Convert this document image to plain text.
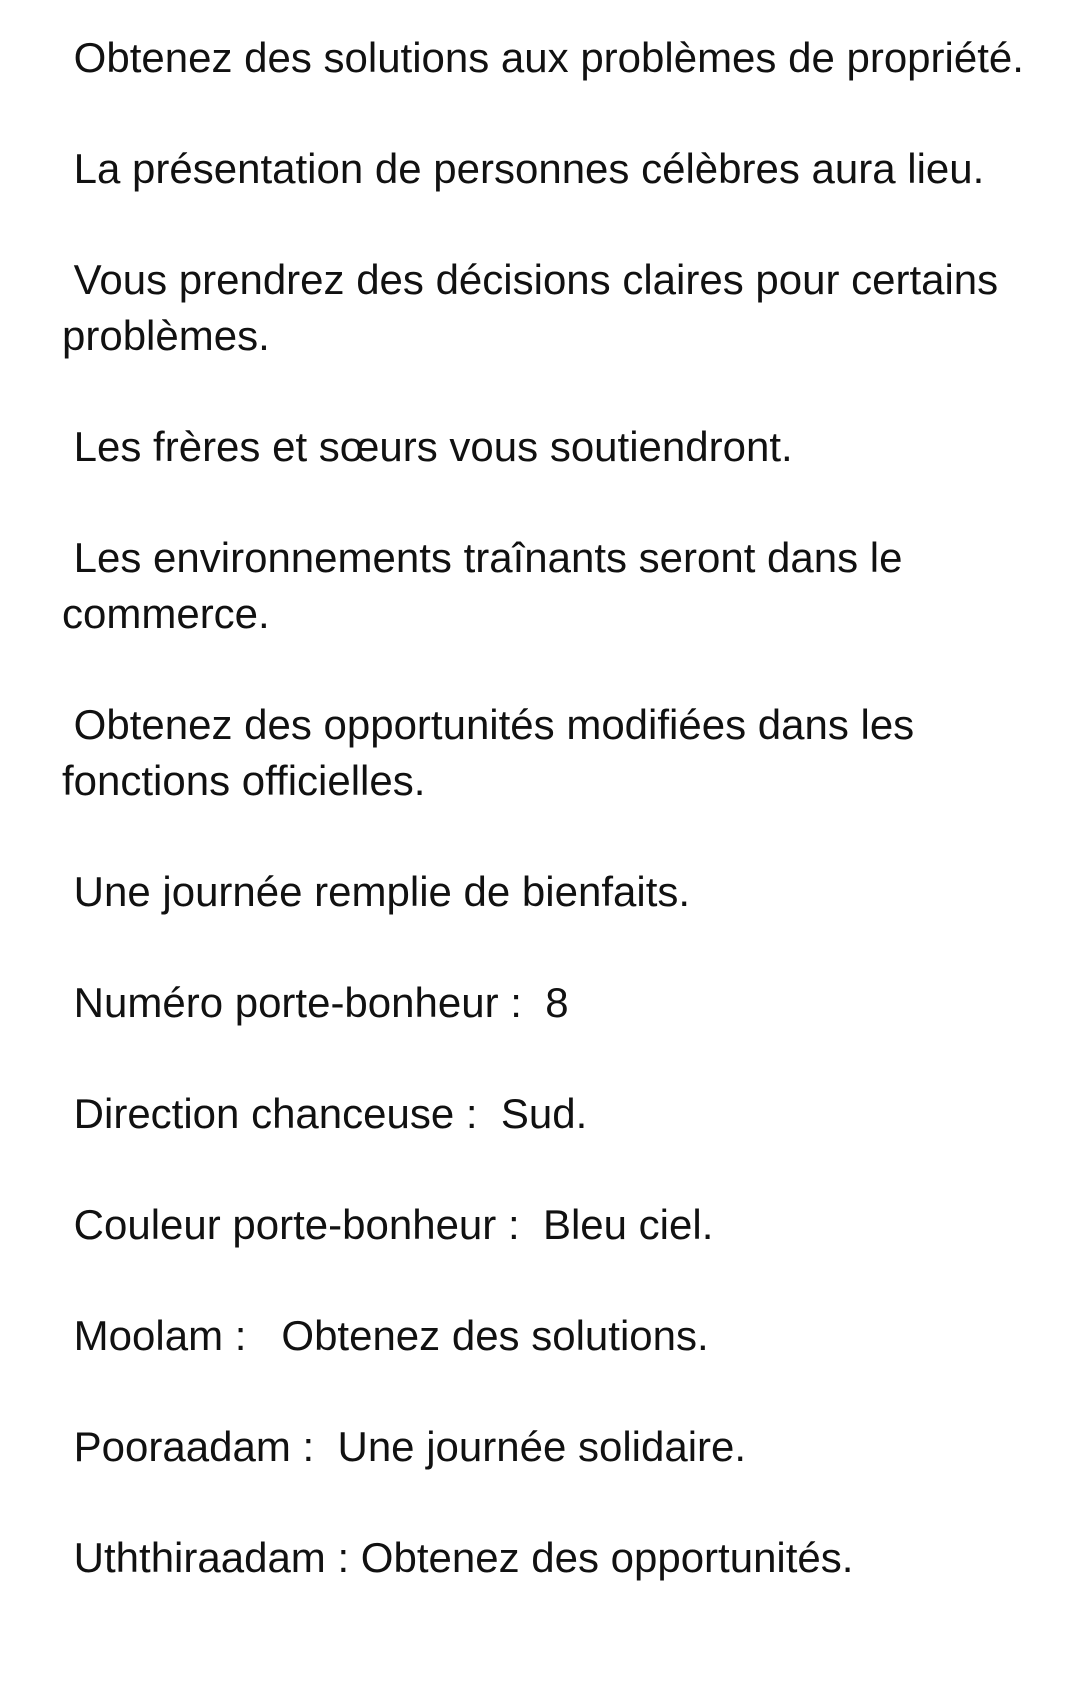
Obtenez des solutions aux problèmes de propriété.

La présentation de personnes célèbres aura lieu.

Vous prendrez des décisions claires pour certains problèmes.

Les frères et sœurs vous soutiendront.

Les environnements traînants seront dans le commerce.

Obtenez des opportunités modifiées dans les fonctions officielles.

Une journée remplie de bienfaits.

Numéro porte-bonheur :  8

Direction chanceuse :  Sud.

Couleur porte-bonheur :  Bleu ciel.

Moolam :   Obtenez des solutions.

Pooraadam :  Une journée solidaire.

Uththiraadam : Obtenez des opportunités.
